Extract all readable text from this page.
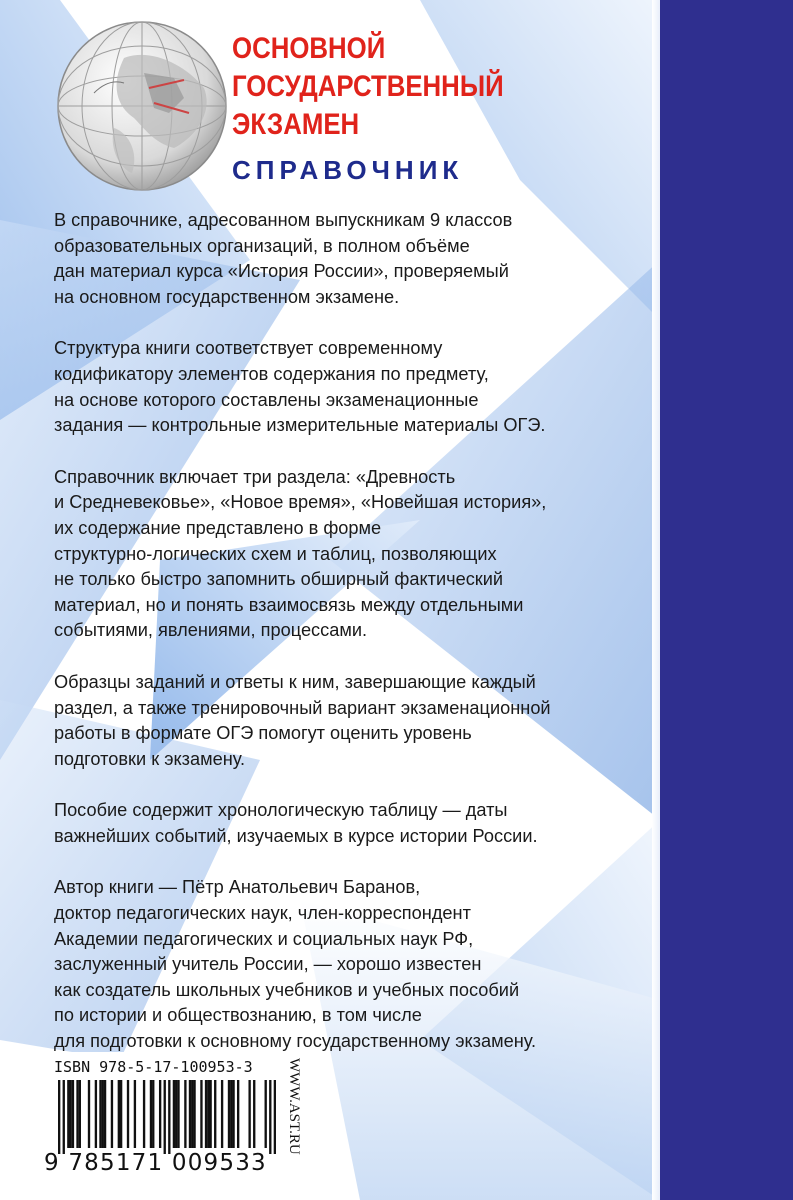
ОСНОВНОЙ
ГОСУДАРСТВЕННЫЙ
ЭКЗАМЕН
СПРАВОЧНИК

В справочнике, адресованном выпускникам 9 классов
образовательных организаций, в полном объёме
дан материал курса «История России», проверяемый
на основном государственном экзамене.

Структура книги соответствует современному
кодификатору элементов содержания по предмету,
на основе которого составлены экзаменационные
задания — контрольные измерительные материалы ОГЭ.

Справочник включает три раздела: «Древность
и Средневековье», «Новое время», «Новейшая история»,
их содержание представлено в форме
структурно-логических схем и таблиц, позволяющих
не только быстро запомнить обширный фактический
материал, но и понять взаимосвязь между отдельными
событиями, явлениями, процессами.

Образцы заданий и ответы к ним, завершающие каждый
раздел, а также тренировочный вариант экзаменационной
работы в формате ОГЭ помогут оценить уровень
подготовки к экзамену.

Пособие содержит хронологическую таблицу — даты
важнейших событий, изучаемых в курсе истории России.

Автор книги — Пётр Анатольевич Баранов,
доктор педагогических наук, член-корреспондент
Академии педагогических и социальных наук РФ,
заслуженный учитель России, — хорошо известен
как создатель школьных учебников и учебных пособий
по истории и обществознанию, в том числе
для подготовки к основному государственному экзамену.

ISBN 978-5-17-100953-3
9 785171 009533
WWW.AST.RU
